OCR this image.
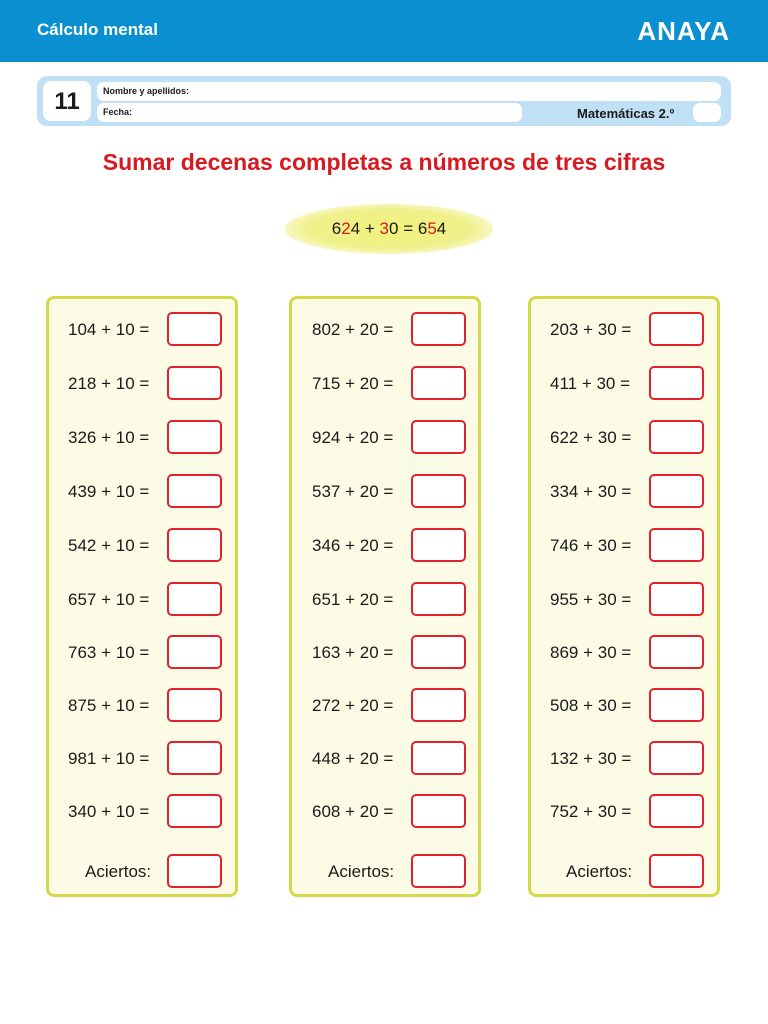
Cálculo mental	ANAYA
11	Nombre y apellidos:
Fecha:	Matemáticas 2.º
Sumar decenas completas a números de tres cifras
624 + 30 = 654
104 + 10 =
218 + 10 =
326 + 10 =
439 + 10 =
542 + 10 =
657 + 10 =
763 + 10 =
875 + 10 =
981 + 10 =
340 + 10 =
Aciertos:
802 + 20 =
715 + 20 =
924 + 20 =
537 + 20 =
346 + 20 =
651 + 20 =
163 + 20 =
272 + 20 =
448 + 20 =
608 + 20 =
Aciertos:
203 + 30 =
411 + 30 =
622 + 30 =
334 + 30 =
746 + 30 =
955 + 30 =
869 + 30 =
508 + 30 =
132 + 30 =
752 + 30 =
Aciertos:
